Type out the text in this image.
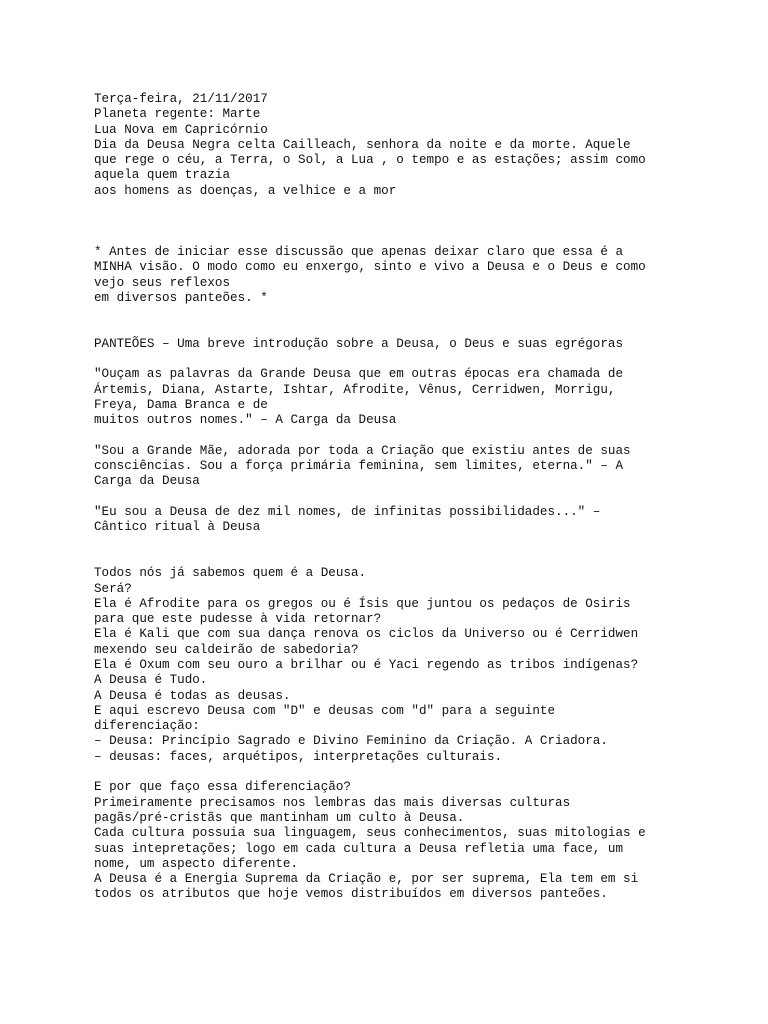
Terça-feira, 21/11/2017
Planeta regente: Marte
Lua Nova em Capricórnio
Dia da Deusa Negra celta Cailleach, senhora da noite e da morte. Aquele
que rege o céu, a Terra, o Sol, a Lua , o tempo e as estações; assim como
aquela quem trazia
aos homens as doenças, a velhice e a mor
* Antes de iniciar esse discussão que apenas deixar claro que essa é a
MINHA visão. O modo como eu enxergo, sinto e vivo a Deusa e o Deus e como
vejo seus reflexos
em diversos panteões. *
PANTEÕES – Uma breve introdução sobre a Deusa, o Deus e suas egrégoras
"Ouçam as palavras da Grande Deusa que em outras épocas era chamada de
Ártemis, Diana, Astarte, Ishtar, Afrodite, Vênus, Cerridwen, Morrigu,
Freya, Dama Branca e de
muitos outros nomes." – A Carga da Deusa
"Sou a Grande Mãe, adorada por toda a Criação que existiu antes de suas
consciências. Sou a força primária feminina, sem limites, eterna." – A
Carga da Deusa
"Eu sou a Deusa de dez mil nomes, de infinitas possibilidades..." –
Cântico ritual à Deusa
Todos nós já sabemos quem é a Deusa.
Será?
Ela é Afrodite para os gregos ou é Ísis que juntou os pedaços de Osiris
para que este pudesse à vida retornar?
Ela é Kali que com sua dança renova os ciclos da Universo ou é Cerridwen
mexendo seu caldeirão de sabedoria?
Ela é Oxum com seu ouro a brilhar ou é Yaci regendo as tribos indígenas?
A Deusa é Tudo.
A Deusa é todas as deusas.
E aqui escrevo Deusa com "D" e deusas com "d" para a seguinte
diferenciação:
– Deusa: Princípio Sagrado e Divino Feminino da Criação. A Criadora.
– deusas: faces, arquétipos, interpretações culturais.
E por que faço essa diferenciação?
Primeiramente precisamos nos lembras das mais diversas culturas
pagãs/pré-cristãs que mantinham um culto à Deusa.
Cada cultura possuia sua linguagem, seus conhecimentos, suas mitologias e
suas intepretações; logo em cada cultura a Deusa refletia uma face, um
nome, um aspecto diferente.
A Deusa é a Energia Suprema da Criação e, por ser suprema, Ela tem em si
todos os atributos que hoje vemos distribuídos em diversos panteões.
